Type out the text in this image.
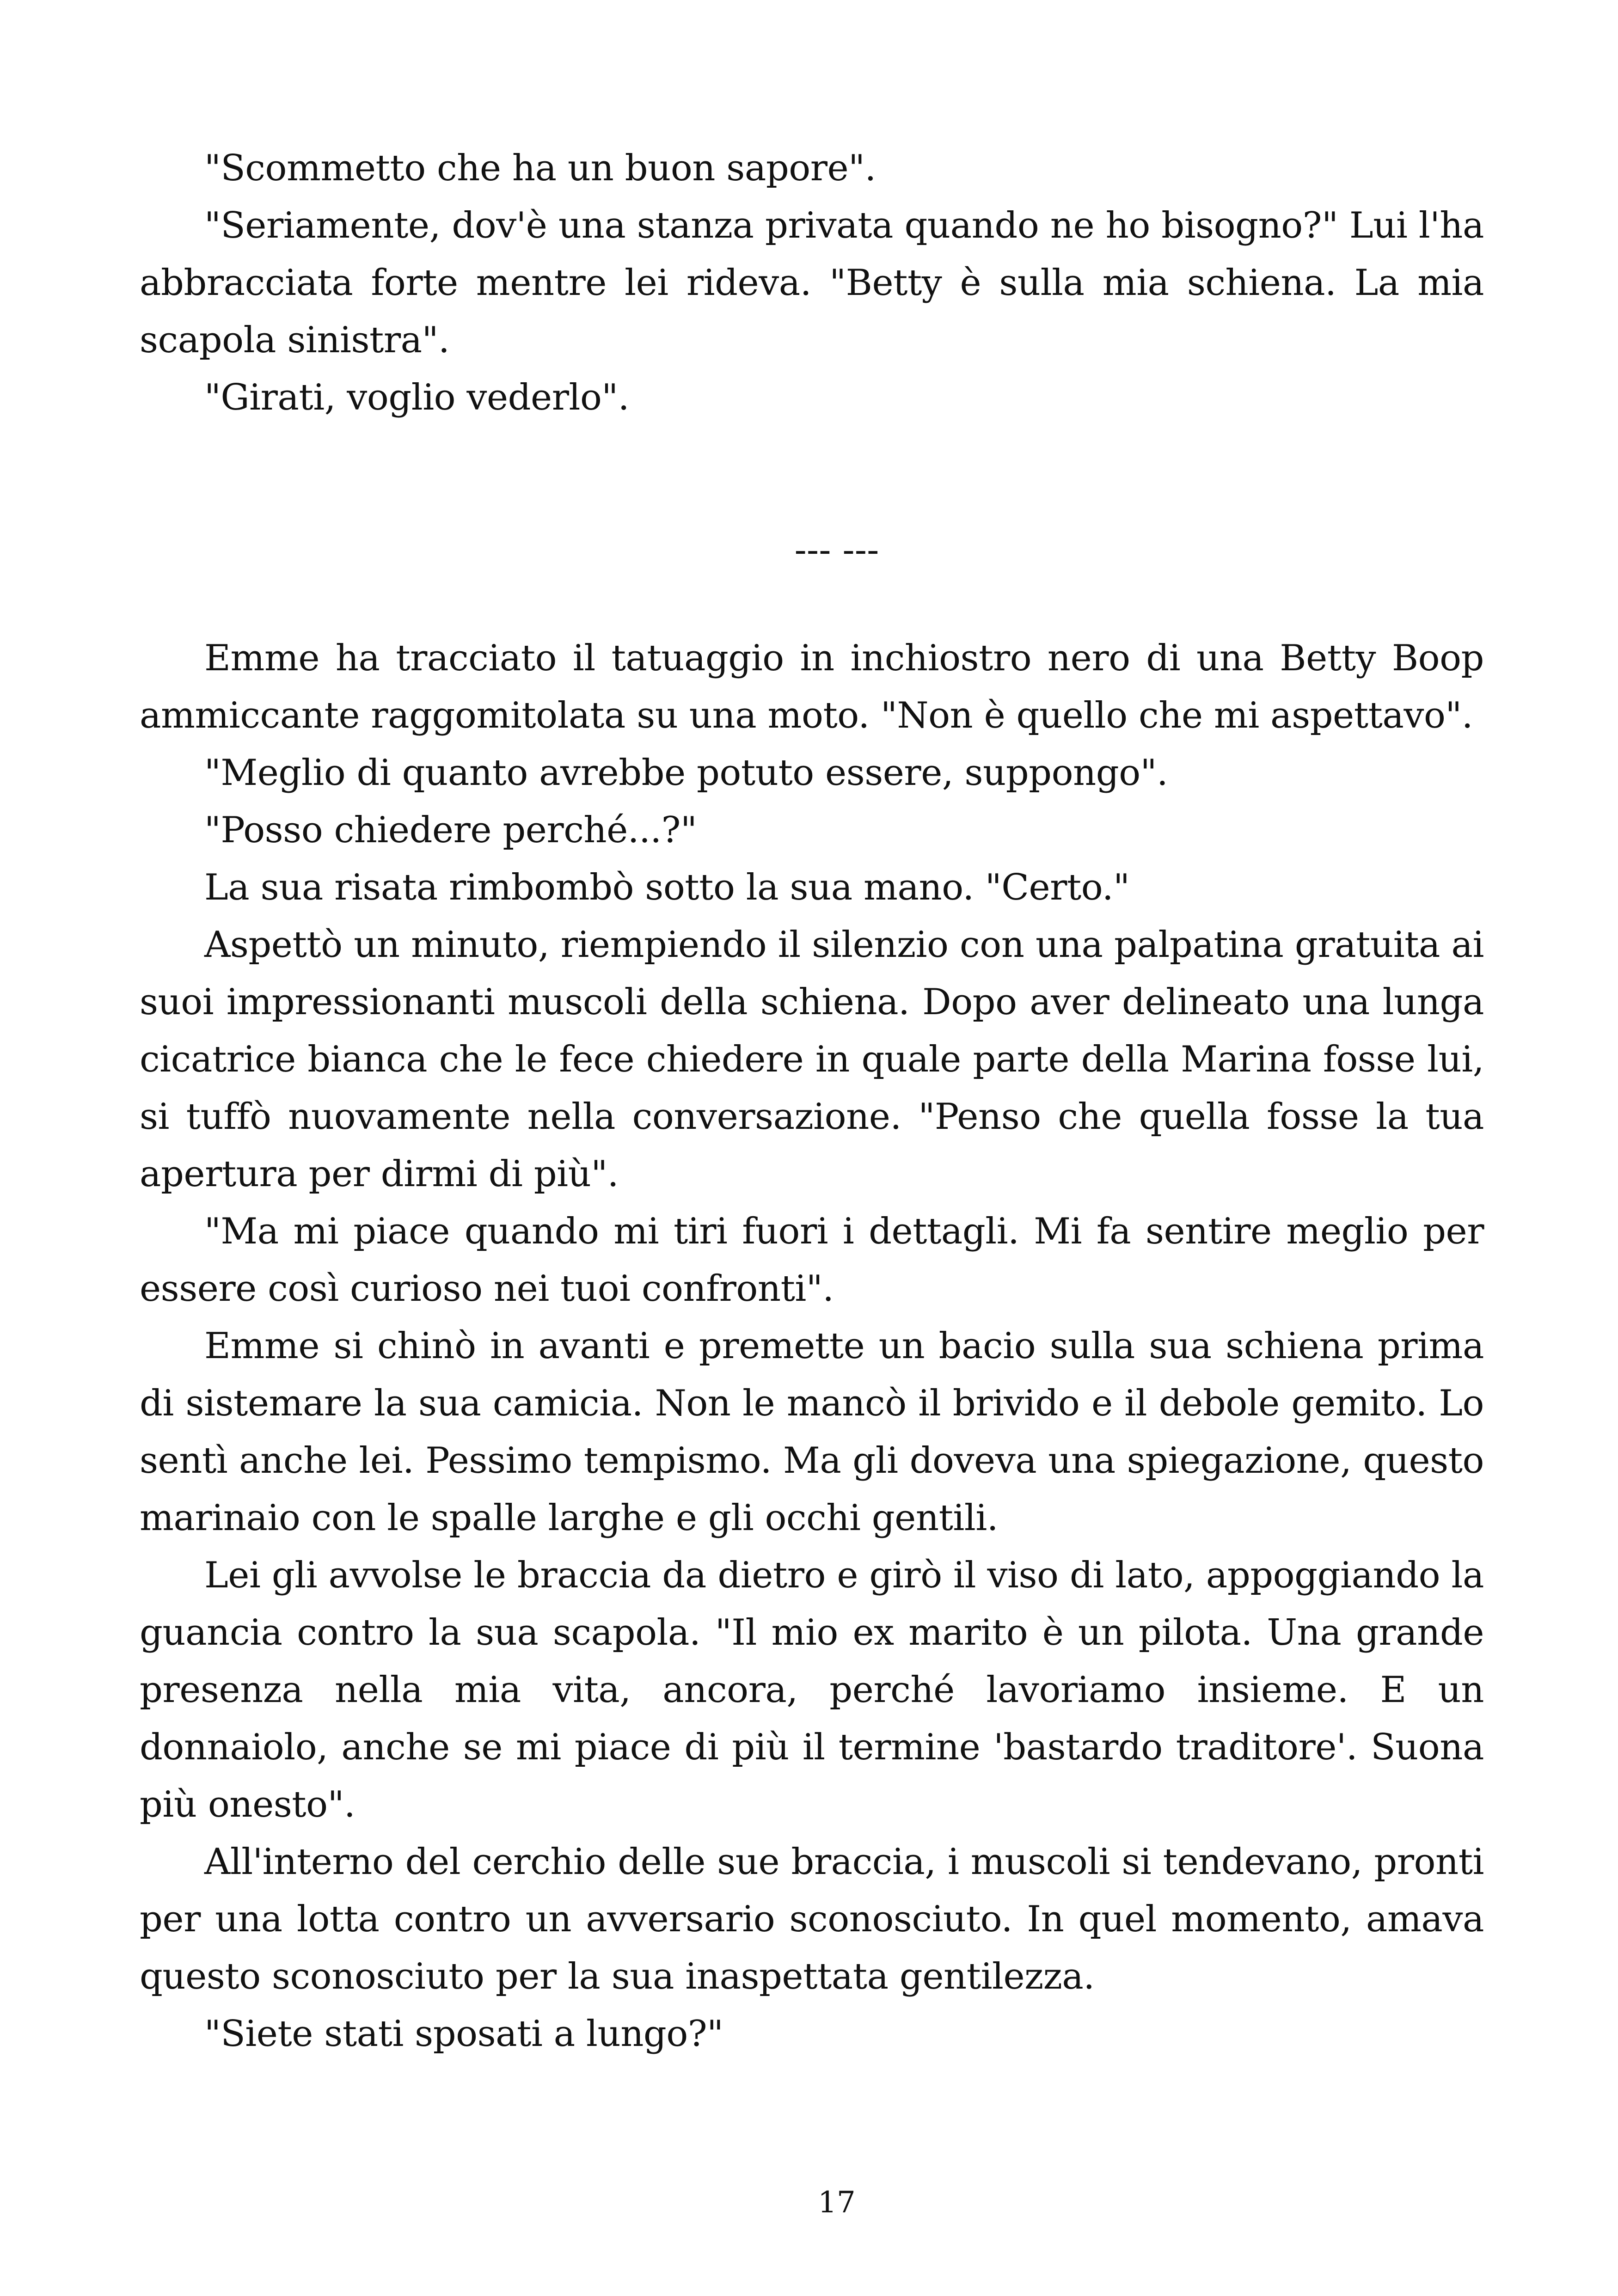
"Scommetto che ha un buon sapore".

"Seriamente, dov'è una stanza privata quando ne ho bisogno?" Lui l'ha abbracciata forte mentre lei rideva. "Betty è sulla mia schiena. La mia scapola sinistra".

"Girati, voglio vederlo".

--- ---

Emme ha tracciato il tatuaggio in inchiostro nero di una Betty Boop ammiccante raggomitolata su una moto. "Non è quello che mi aspettavo".

"Meglio di quanto avrebbe potuto essere, suppongo".

"Posso chiedere perché...?"

La sua risata rimbombò sotto la sua mano. "Certo."

Aspettò un minuto, riempiendo il silenzio con una palpatina gratuita ai suoi impressionanti muscoli della schiena. Dopo aver delineato una lunga cicatrice bianca che le fece chiedere in quale parte della Marina fosse lui, si tuffò nuovamente nella conversazione. "Penso che quella fosse la tua apertura per dirmi di più".

"Ma mi piace quando mi tiri fuori i dettagli. Mi fa sentire meglio per essere così curioso nei tuoi confronti".

Emme si chinò in avanti e premette un bacio sulla sua schiena prima di sistemare la sua camicia. Non le mancò il brivido e il debole gemito. Lo sentì anche lei. Pessimo tempismo. Ma gli doveva una spiegazione, questo marinaio con le spalle larghe e gli occhi gentili.

Lei gli avvolse le braccia da dietro e girò il viso di lato, appoggiando la guancia contro la sua scapola. "Il mio ex marito è un pilota. Una grande presenza nella mia vita, ancora, perché lavoriamo insieme. E un donnaiolo, anche se mi piace di più il termine 'bastardo traditore'. Suona più onesto".

All'interno del cerchio delle sue braccia, i muscoli si tendevano, pronti per una lotta contro un avversario sconosciuto. In quel momento, amava questo sconosciuto per la sua inaspettata gentilezza.

"Siete stati sposati a lungo?"

17
